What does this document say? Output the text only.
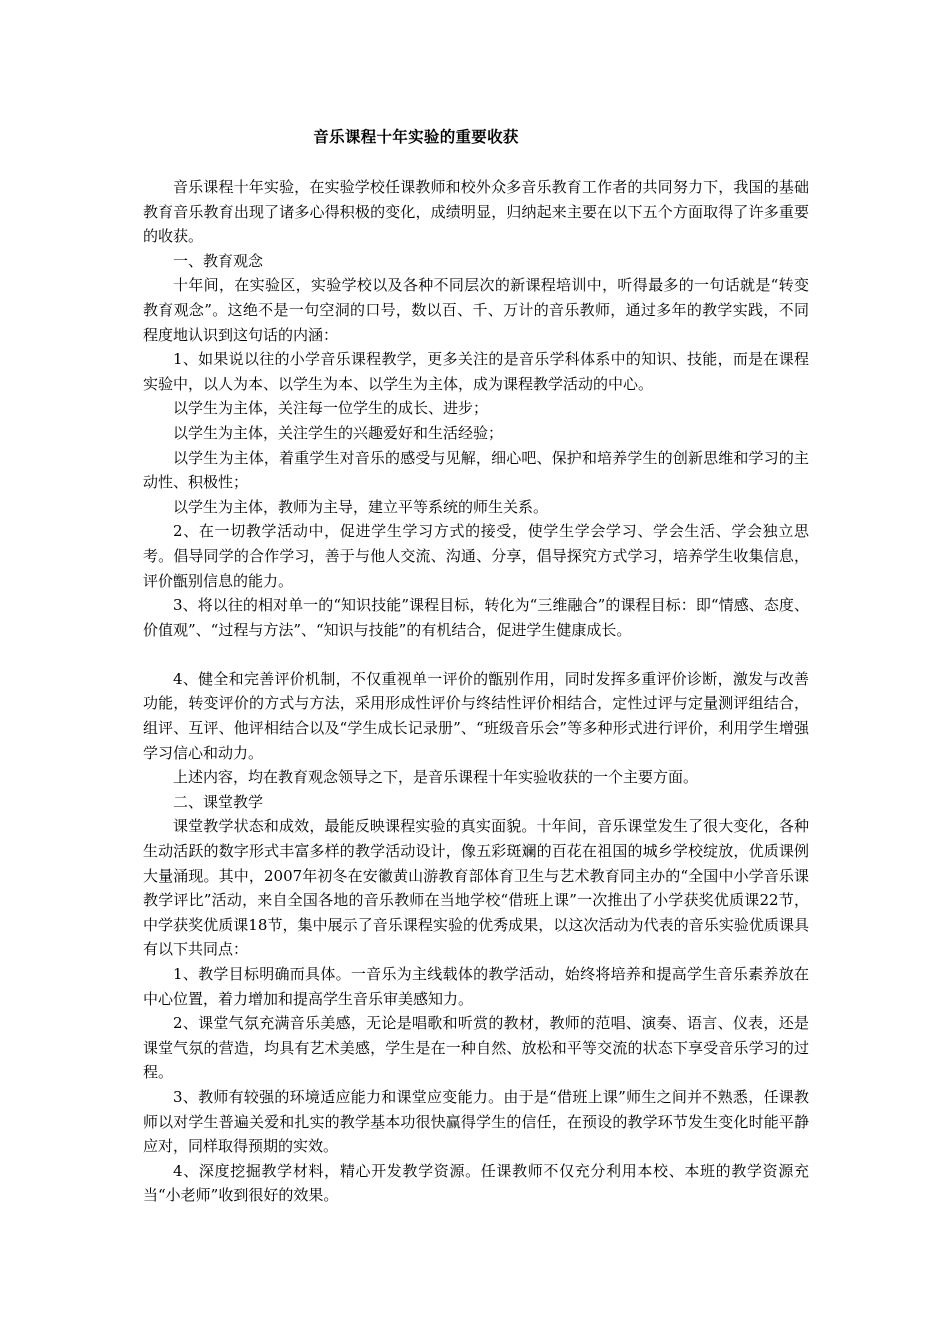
音乐课程十年实验的重要收获

音乐课程十年实验，在实验学校任课教师和校外众多音乐教育工作者的共同努力下，我国的基础教育音乐教育出现了诸多心得积极的变化，成绩明显，归纳起来主要在以下五个方面取得了许多重要的收获。

一、教育观念

十年间，在实验区，实验学校以及各种不同层次的新课程培训中，听得最多的一句话就是“转变教育观念”。这绝不是一句空洞的口号，数以百、千、万计的音乐教师，通过多年的教学实践，不同程度地认识到这句话的内涵：

1、如果说以往的小学音乐课程教学，更多关注的是音乐学科体系中的知识、技能，而是在课程实验中，以人为本、以学生为本、以学生为主体，成为课程教学活动的中心。

以学生为主体，关注每一位学生的成长、进步；

以学生为主体，关注学生的兴趣爱好和生活经验；

以学生为主体，着重学生对音乐的感受与见解，细心吧、保护和培养学生的创新思维和学习的主动性、积极性；

以学生为主体，教师为主导，建立平等系统的师生关系。

2、在一切教学活动中，促进学生学习方式的接受，使学生学会学习、学会生活、学会独立思考。倡导同学的合作学习，善于与他人交流、沟通、分享，倡导探究方式学习，培养学生收集信息，评价甑别信息的能力。

3、将以往的相对单一的“知识技能”课程目标，转化为“三维融合”的课程目标：即“情感、态度、价值观”、“过程与方法”、“知识与技能”的有机结合，促进学生健康成长。

4、健全和完善评价机制，不仅重视单一评价的甑别作用，同时发挥多重评价诊断，激发与改善功能，转变评价的方式与方法，采用形成性评价与终结性评价相结合，定性过评与定量测评组结合，组评、互评、他评相结合以及“学生成长记录册”、“班级音乐会”等多种形式进行评价，利用学生增强学习信心和动力。

上述内容，均在教育观念领导之下，是音乐课程十年实验收获的一个主要方面。

二、课堂教学

课堂教学状态和成效，最能反映课程实验的真实面貌。十年间，音乐课堂发生了很大变化，各种生动活跃的数字形式丰富多样的教学活动设计，像五彩斑斓的百花在祖国的城乡学校绽放，优质课例大量涌现。其中，2007年初冬在安徽黄山游教育部体育卫生与艺术教育同主办的“全国中小学音乐课教学评比”活动，来自全国各地的音乐教师在当地学校“借班上课”一次推出了小学获奖优质课22节，中学获奖优质课18节，集中展示了音乐课程实验的优秀成果，以这次活动为代表的音乐实验优质课具有以下共同点：

1、教学目标明确而具体。一音乐为主线载体的教学活动，始终将培养和提高学生音乐素养放在中心位置，着力增加和提高学生音乐审美感知力。

2、课堂气氛充满音乐美感，无论是唱歌和听赏的教材，教师的范唱、演奏、语言、仪表，还是课堂气氛的营造，均具有艺术美感，学生是在一种自然、放松和平等交流的状态下享受音乐学习的过程。

3、教师有较强的环境适应能力和课堂应变能力。由于是“借班上课”师生之间并不熟悉，任课教师以对学生普遍关爱和扎实的教学基本功很快赢得学生的信任，在预设的教学环节发生变化时能平静应对，同样取得预期的实效。

4、深度挖掘教学材料，精心开发教学资源。任课教师不仅充分利用本校、本班的教学资源充当“小老师”收到很好的效果。
